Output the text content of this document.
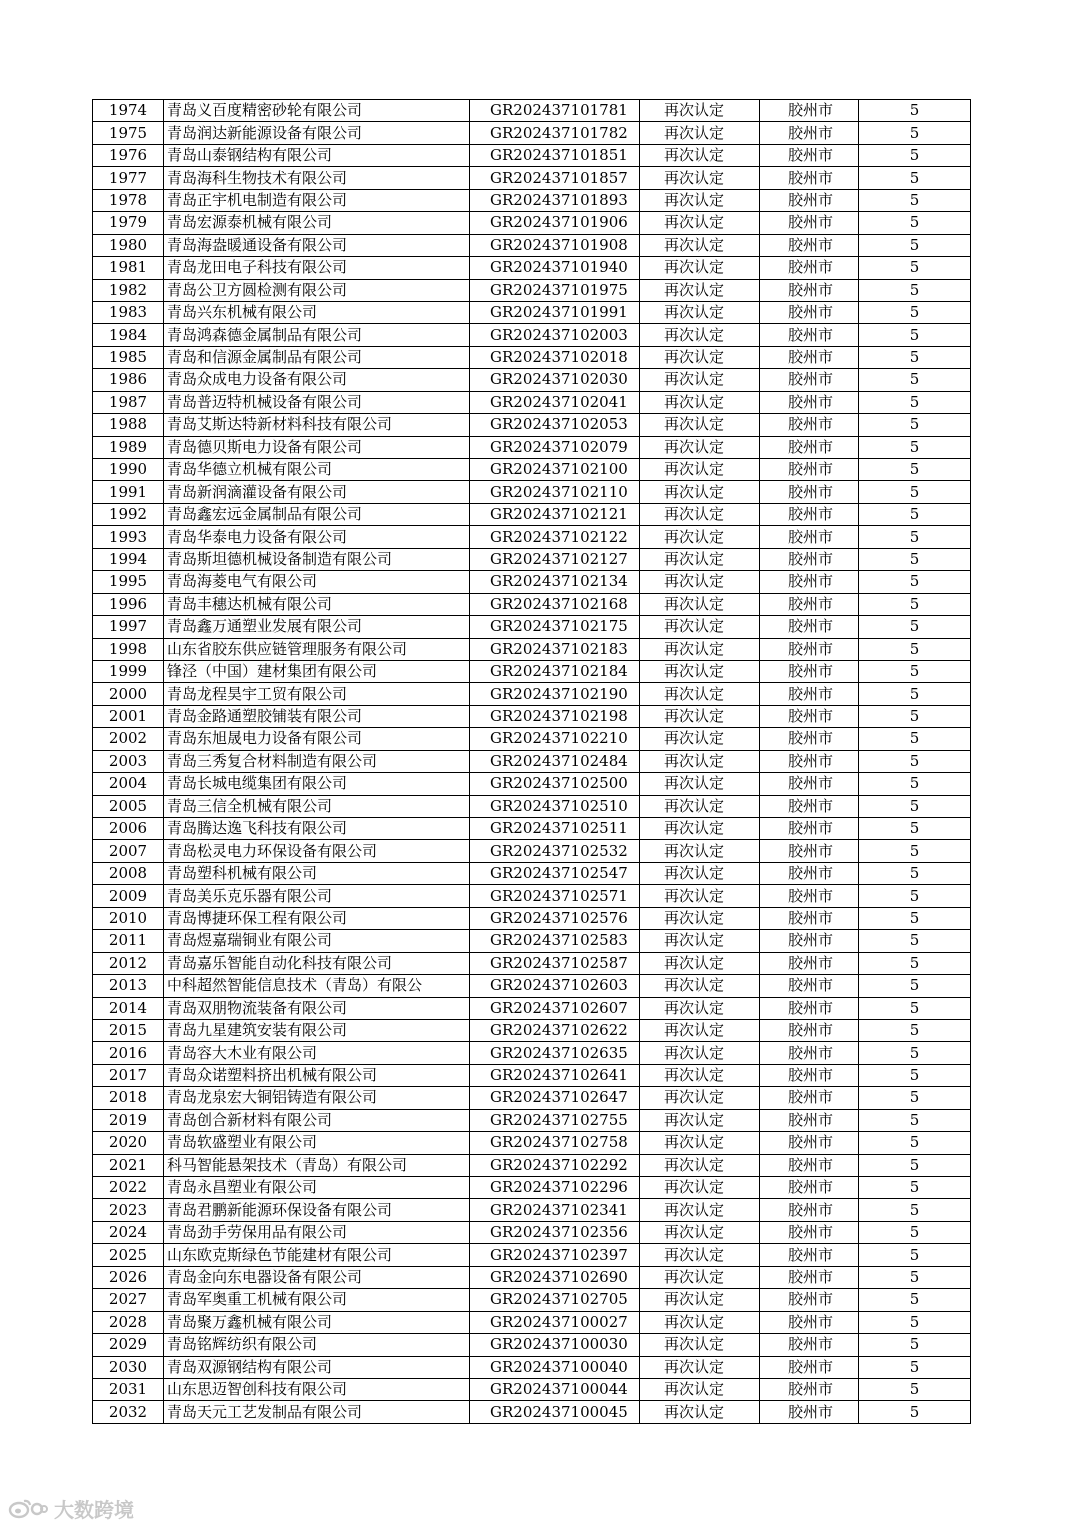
1974	青岛义百度精密砂轮有限公司	GR202437101781	再次认定	胶州市	5
1975	青岛润达新能源设备有限公司	GR202437101782	再次认定	胶州市	5
1976	青岛山泰钢结构有限公司	GR202437101851	再次认定	胶州市	5
1977	青岛海科生物技术有限公司	GR202437101857	再次认定	胶州市	5
1978	青岛正宇机电制造有限公司	GR202437101893	再次认定	胶州市	5
1979	青岛宏源泰机械有限公司	GR202437101906	再次认定	胶州市	5
1980	青岛海盎暖通设备有限公司	GR202437101908	再次认定	胶州市	5
1981	青岛龙田电子科技有限公司	GR202437101940	再次认定	胶州市	5
1982	青岛公卫方圆检测有限公司	GR202437101975	再次认定	胶州市	5
1983	青岛兴东机械有限公司	GR202437101991	再次认定	胶州市	5
1984	青岛鸿森德金属制品有限公司	GR202437102003	再次认定	胶州市	5
1985	青岛和信源金属制品有限公司	GR202437102018	再次认定	胶州市	5
1986	青岛众成电力设备有限公司	GR202437102030	再次认定	胶州市	5
1987	青岛普迈特机械设备有限公司	GR202437102041	再次认定	胶州市	5
1988	青岛艾斯达特新材料科技有限公司	GR202437102053	再次认定	胶州市	5
1989	青岛德贝斯电力设备有限公司	GR202437102079	再次认定	胶州市	5
1990	青岛华德立机械有限公司	GR202437102100	再次认定	胶州市	5
1991	青岛新润滴灌设备有限公司	GR202437102110	再次认定	胶州市	5
1992	青岛鑫宏远金属制品有限公司	GR202437102121	再次认定	胶州市	5
1993	青岛华泰电力设备有限公司	GR202437102122	再次认定	胶州市	5
1994	青岛斯坦德机械设备制造有限公司	GR202437102127	再次认定	胶州市	5
1995	青岛海菱电气有限公司	GR202437102134	再次认定	胶州市	5
1996	青岛丰穗达机械有限公司	GR202437102168	再次认定	胶州市	5
1997	青岛鑫万通塑业发展有限公司	GR202437102175	再次认定	胶州市	5
1998	山东省胶东供应链管理服务有限公司	GR202437102183	再次认定	胶州市	5
1999	锋泾（中国）建材集团有限公司	GR202437102184	再次认定	胶州市	5
2000	青岛龙程昊宇工贸有限公司	GR202437102190	再次认定	胶州市	5
2001	青岛金路通塑胶铺装有限公司	GR202437102198	再次认定	胶州市	5
2002	青岛东旭晟电力设备有限公司	GR202437102210	再次认定	胶州市	5
2003	青岛三秀复合材料制造有限公司	GR202437102484	再次认定	胶州市	5
2004	青岛长城电缆集团有限公司	GR202437102500	再次认定	胶州市	5
2005	青岛三信全机械有限公司	GR202437102510	再次认定	胶州市	5
2006	青岛腾达逸飞科技有限公司	GR202437102511	再次认定	胶州市	5
2007	青岛松灵电力环保设备有限公司	GR202437102532	再次认定	胶州市	5
2008	青岛塑科机械有限公司	GR202437102547	再次认定	胶州市	5
2009	青岛美乐克乐器有限公司	GR202437102571	再次认定	胶州市	5
2010	青岛博捷环保工程有限公司	GR202437102576	再次认定	胶州市	5
2011	青岛煜嘉瑞铜业有限公司	GR202437102583	再次认定	胶州市	5
2012	青岛嘉乐智能自动化科技有限公司	GR202437102587	再次认定	胶州市	5
2013	中科超然智能信息技术（青岛）有限公	GR202437102603	再次认定	胶州市	5
2014	青岛双朋物流装备有限公司	GR202437102607	再次认定	胶州市	5
2015	青岛九星建筑安装有限公司	GR202437102622	再次认定	胶州市	5
2016	青岛容大木业有限公司	GR202437102635	再次认定	胶州市	5
2017	青岛众诺塑料挤出机械有限公司	GR202437102641	再次认定	胶州市	5
2018	青岛龙泉宏大铜铝铸造有限公司	GR202437102647	再次认定	胶州市	5
2019	青岛创合新材料有限公司	GR202437102755	再次认定	胶州市	5
2020	青岛软盛塑业有限公司	GR202437102758	再次认定	胶州市	5
2021	科马智能悬架技术（青岛）有限公司	GR202437102292	再次认定	胶州市	5
2022	青岛永昌塑业有限公司	GR202437102296	再次认定	胶州市	5
2023	青岛君鹏新能源环保设备有限公司	GR202437102341	再次认定	胶州市	5
2024	青岛劲手劳保用品有限公司	GR202437102356	再次认定	胶州市	5
2025	山东欧克斯绿色节能建材有限公司	GR202437102397	再次认定	胶州市	5
2026	青岛金向东电器设备有限公司	GR202437102690	再次认定	胶州市	5
2027	青岛军奥重工机械有限公司	GR202437102705	再次认定	胶州市	5
2028	青岛聚万鑫机械有限公司	GR202437100027	再次认定	胶州市	5
2029	青岛铭辉纺织有限公司	GR202437100030	再次认定	胶州市	5
2030	青岛双源钢结构有限公司	GR202437100040	再次认定	胶州市	5
2031	山东思迈智创科技有限公司	GR202437100044	再次认定	胶州市	5
2032	青岛天元工艺发制品有限公司	GR202437100045	再次认定	胶州市	5
大数跨境
